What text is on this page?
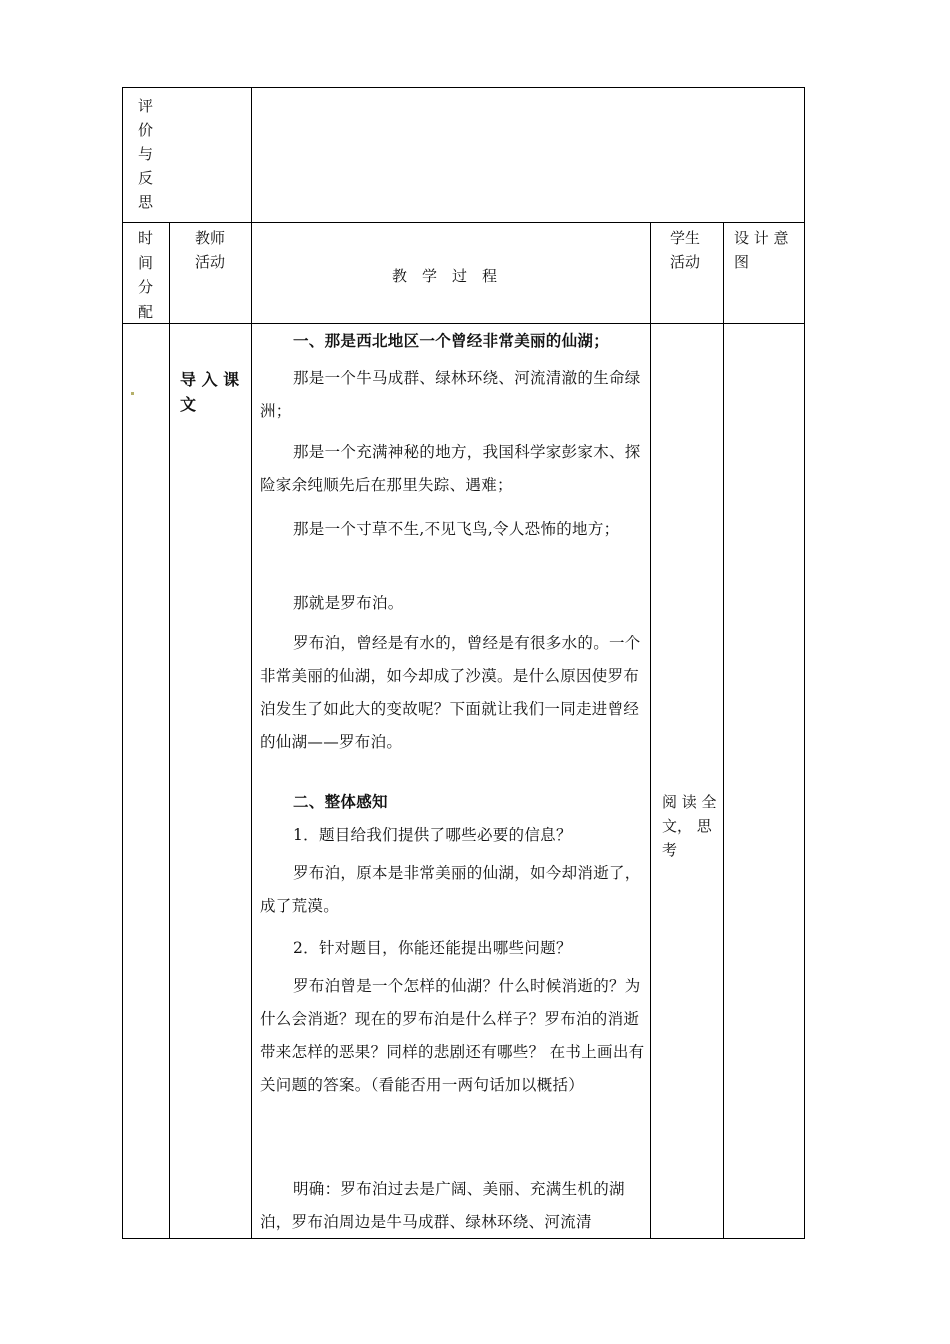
评
价
与
反
思
时
间
分
配
教师
活动
教　学　过　程
学生
活动
设 计 意
图
导 入 课
文
阅 读 全
文， 思
考
一、那是西北地区一个曾经非常美丽的仙湖；
那是一个牛马成群、绿林环绕、河流清澈的生命绿洲；
那是一个充满神秘的地方，我国科学家彭家木、探险家余纯顺先后在那里失踪、遇难；
那是一个寸草不生,不见飞鸟,令人恐怖的地方；
那就是罗布泊。
罗布泊，曾经是有水的，曾经是有很多水的。一个非常美丽的仙湖，如今却成了沙漠。是什么原因使罗布泊发生了如此大的变故呢？下面就让我们一同走进曾经的仙湖——罗布泊。
二、整体感知
1．题目给我们提供了哪些必要的信息？
罗布泊，原本是非常美丽的仙湖，如今却消逝了，成了荒漠。
2．针对题目，你能还能提出哪些问题？
罗布泊曾是一个怎样的仙湖？什么时候消逝的？为什么会消逝？现在的罗布泊是什么样子？罗布泊的消逝带来怎样的恶果？同样的悲剧还有哪些？ 在书上画出有关问题的答案。（看能否用一两句话加以概括）
明确：罗布泊过去是广阔、美丽、充满生机的湖泊，罗布泊周边是牛马成群、绿林环绕、河流清
